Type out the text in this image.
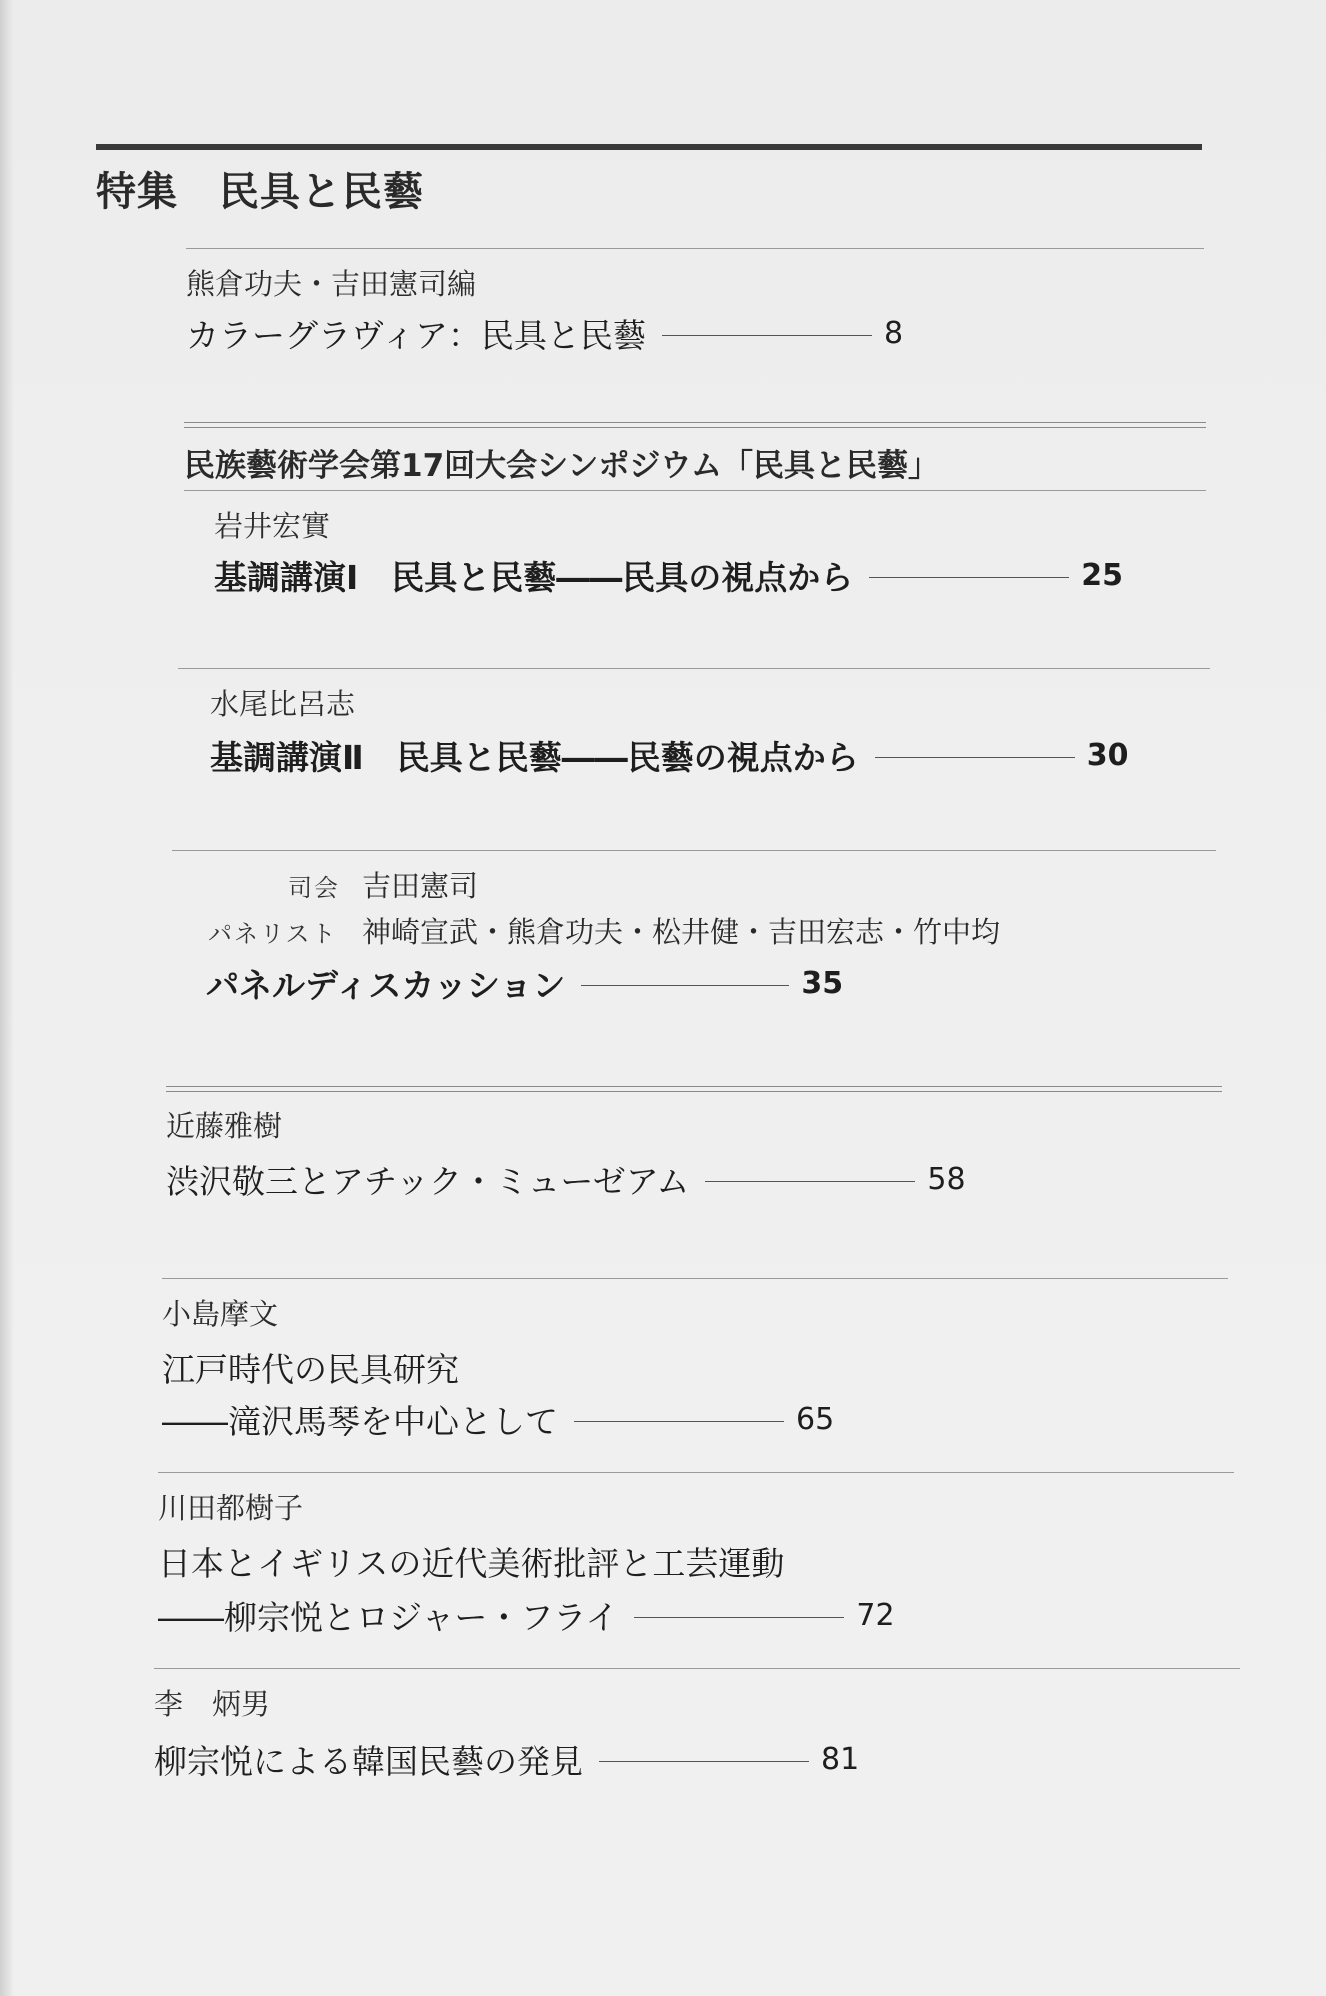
特集　民具と民藝
熊倉功夫・吉田憲司編
カラーグラヴィア：民具と民藝	8
民族藝術学会第17回大会シンポジウム「民具と民藝」
岩井宏實
基調講演Ⅰ　民具と民藝――民具の視点から	25
水尾比呂志
基調講演Ⅱ　民具と民藝――民藝の視点から	30
司会 吉田憲司
パネリスト 神崎宣武・熊倉功夫・松井健・吉田宏志・竹中均
パネルディスカッション	35
近藤雅樹
渋沢敬三とアチック・ミューゼアム	58
小島摩文
江戸時代の民具研究
――滝沢馬琴を中心として	65
川田都樹子
日本とイギリスの近代美術批評と工芸運動
――柳宗悦とロジャー・フライ	72
李　炳男
柳宗悦による韓国民藝の発見	81
